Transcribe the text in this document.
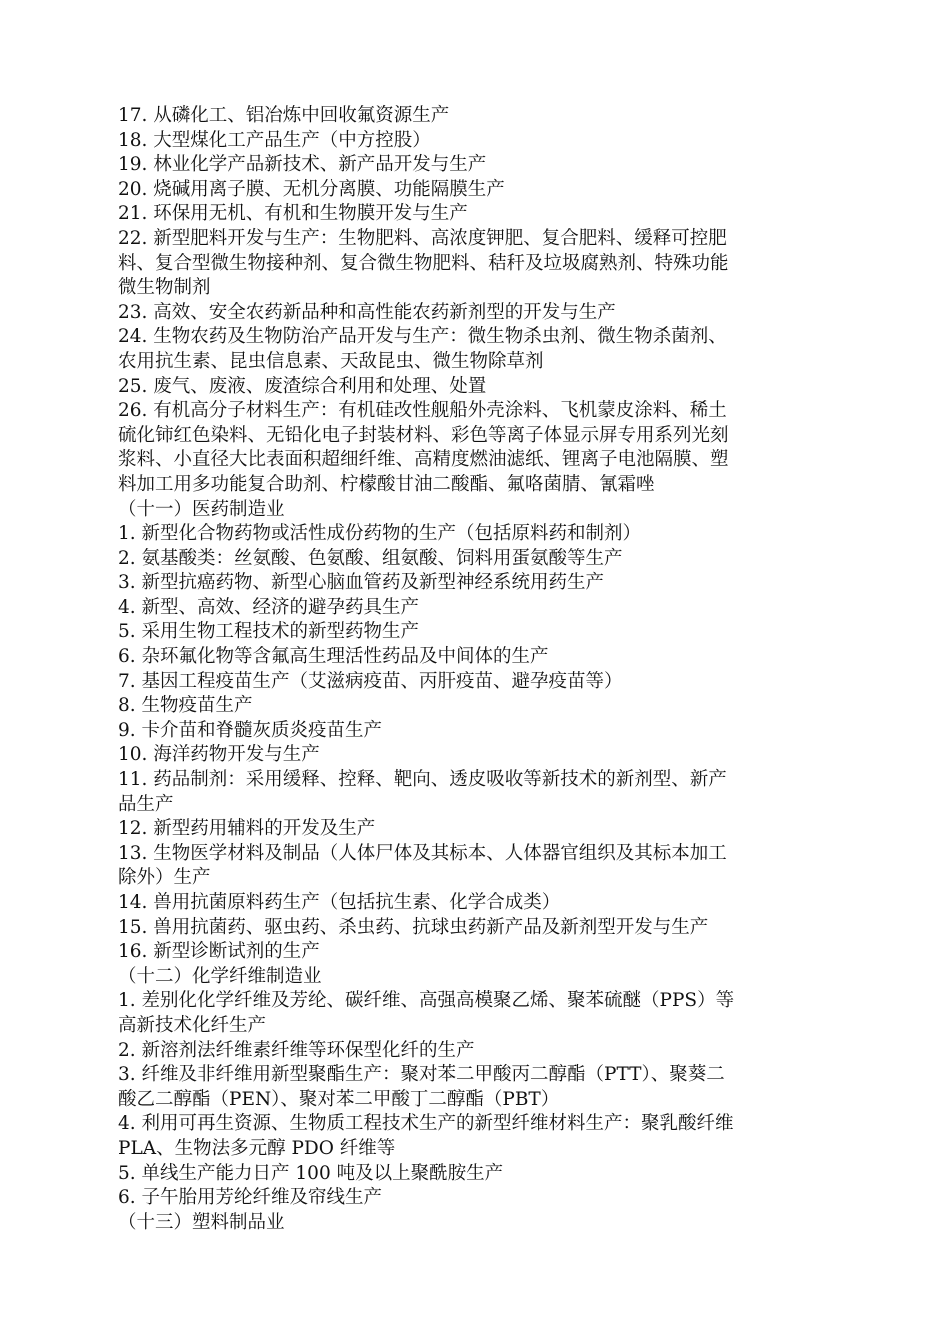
17. 从磷化工、铝冶炼中回收氟资源生产
18. 大型煤化工产品生产（中方控股）
19. 林业化学产品新技术、新产品开发与生产
20. 烧碱用离子膜、无机分离膜、功能隔膜生产
21. 环保用无机、有机和生物膜开发与生产
22. 新型肥料开发与生产：生物肥料、高浓度钾肥、复合肥料、缓释可控肥
料、复合型微生物接种剂、复合微生物肥料、秸秆及垃圾腐熟剂、特殊功能
微生物制剂
23. 高效、安全农药新品种和高性能农药新剂型的开发与生产
24. 生物农药及生物防治产品开发与生产：微生物杀虫剂、微生物杀菌剂、
农用抗生素、昆虫信息素、天敌昆虫、微生物除草剂
25. 废气、废液、废渣综合利用和处理、处置
26. 有机高分子材料生产：有机硅改性舰船外壳涂料、飞机蒙皮涂料、稀土
硫化铈红色染料、无铅化电子封装材料、彩色等离子体显示屏专用系列光刻
浆料、小直径大比表面积超细纤维、高精度燃油滤纸、锂离子电池隔膜、塑
料加工用多功能复合助剂、柠檬酸甘油二酸酯、氟咯菌腈、氰霜唑
（十一）医药制造业
1. 新型化合物药物或活性成份药物的生产（包括原料药和制剂）
2. 氨基酸类：丝氨酸、色氨酸、组氨酸、饲料用蛋氨酸等生产
3. 新型抗癌药物、新型心脑血管药及新型神经系统用药生产
4. 新型、高效、经济的避孕药具生产
5. 采用生物工程技术的新型药物生产
6. 杂环氟化物等含氟高生理活性药品及中间体的生产
7. 基因工程疫苗生产（艾滋病疫苗、丙肝疫苗、避孕疫苗等）
8. 生物疫苗生产
9. 卡介苗和脊髓灰质炎疫苗生产
10. 海洋药物开发与生产
11. 药品制剂：采用缓释、控释、靶向、透皮吸收等新技术的新剂型、新产
品生产
12. 新型药用辅料的开发及生产
13. 生物医学材料及制品（人体尸体及其标本、人体器官组织及其标本加工
除外）生产
14. 兽用抗菌原料药生产（包括抗生素、化学合成类）
15. 兽用抗菌药、驱虫药、杀虫药、抗球虫药新产品及新剂型开发与生产
16. 新型诊断试剂的生产
（十二）化学纤维制造业
1. 差别化化学纤维及芳纶、碳纤维、高强高模聚乙烯、聚苯硫醚（PPS）等
高新技术化纤生产
2. 新溶剂法纤维素纤维等环保型化纤的生产
3. 纤维及非纤维用新型聚酯生产：聚对苯二甲酸丙二醇酯（PTT）、聚葵二
酸乙二醇酯（PEN）、聚对苯二甲酸丁二醇酯（PBT）
4. 利用可再生资源、生物质工程技术生产的新型纤维材料生产：聚乳酸纤维
PLA、生物法多元醇 PDO 纤维等
5. 单线生产能力日产 100 吨及以上聚酰胺生产
6. 子午胎用芳纶纤维及帘线生产
（十三）塑料制品业
